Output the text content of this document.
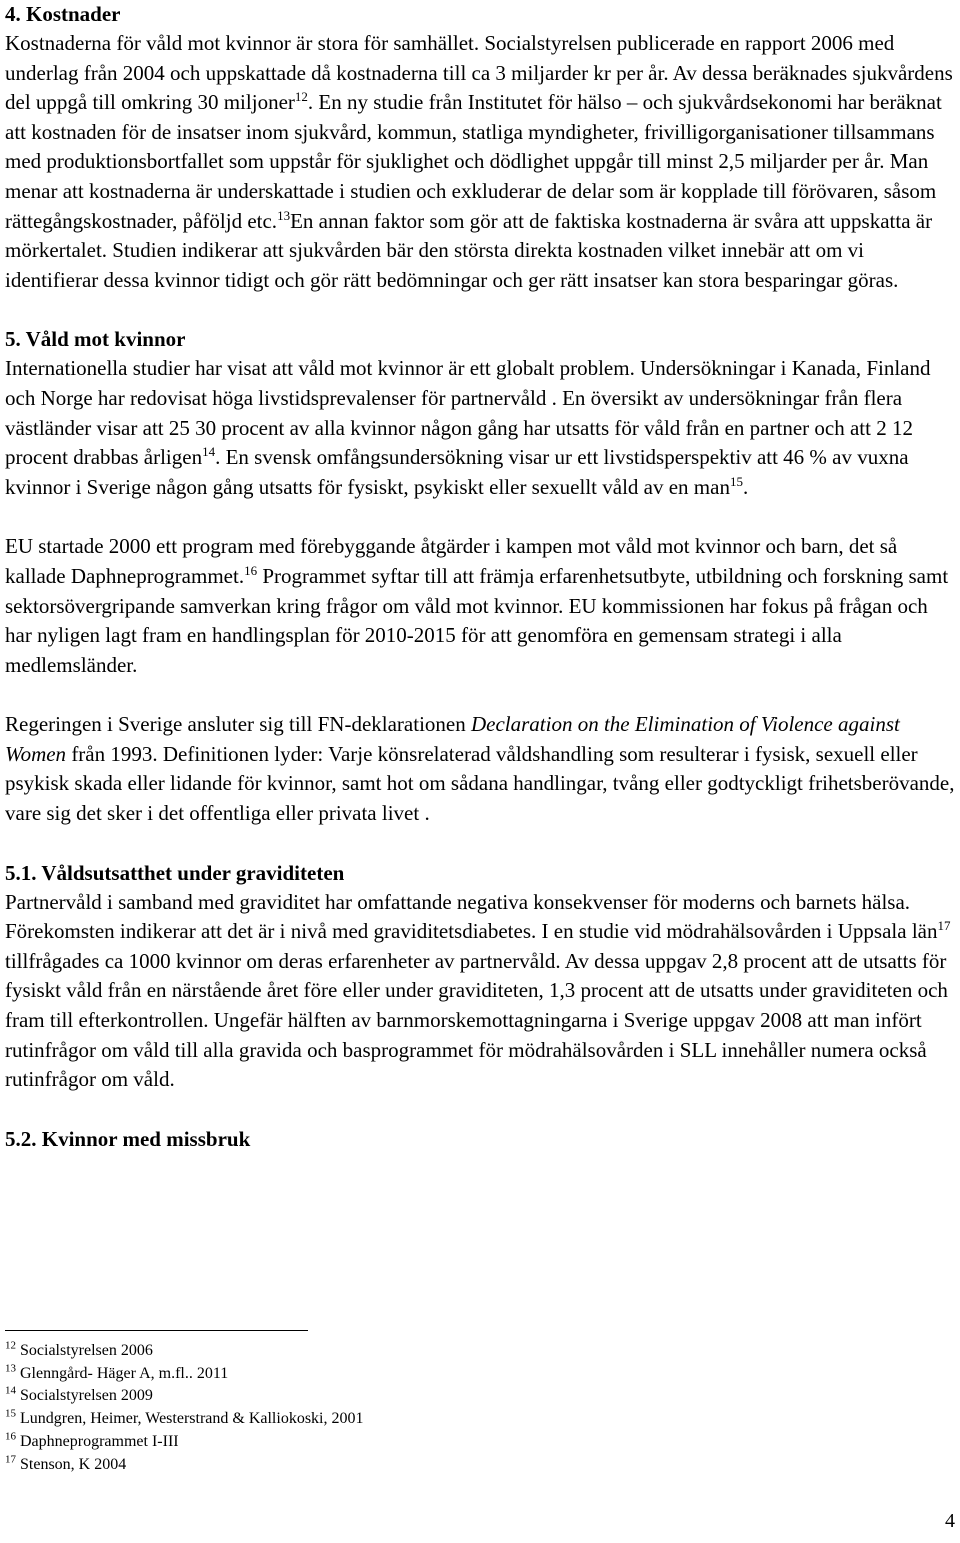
4. Kostnader

Kostnaderna för våld mot kvinnor är stora för samhället. Socialstyrelsen publicerade en rapport 2006 med underlag från 2004 och uppskattade då kostnaderna till ca 3 miljarder kr per år. Av dessa beräknades sjukvårdens del uppgå till omkring 30 miljoner$^{12}$. En ny studie från Institutet för hälso – och sjukvårdsekonomi har beräknat att kostnaden för de insatser inom sjukvård, kommun, statliga myndigheter, frivilligorganisationer tillsammans med produktionsbortfallet som uppstår för sjuklighet och dödlighet uppgår till minst 2,5 miljarder per år. Man menar att kostnaderna är underskattade i studien och exkluderar de delar som är kopplade till förövaren, såsom rättegångskostnader, påföljd etc.$^{13}$En annan faktor som gör att de faktiska kostnaderna är svåra att uppskatta är mörkertalet. Studien indikerar att sjukvården bär den största direkta kostnaden vilket innebär att om vi identifierar dessa kvinnor tidigt och gör rätt bedömningar och ger rätt insatser kan stora besparingar göras.

5. Våld mot kvinnor

Internationella studier har visat att våld mot kvinnor är ett globalt problem. Undersökningar i Kanada, Finland och Norge har redovisat höga livstidsprevalenser för partnervåld . En översikt av undersökningar från flera västländer visar att 25 30 procent av alla kvinnor någon gång har utsatts för våld från en partner och att 2 12 procent drabbas årligen$^{14}$. En svensk omfångsundersökning visar ur ett livstidsperspektiv att 46 % av vuxna kvinnor i Sverige någon gång utsatts för fysiskt, psykiskt eller sexuellt våld av en man$^{15}$.

EU startade 2000 ett program med förebyggande åtgärder i kampen mot våld mot kvinnor och barn, det så kallade Daphneprogrammet.$^{16}$ Programmet syftar till att främja erfarenhetsutbyte, utbildning och forskning samt sektorsövergripande samverkan kring frågor om våld mot kvinnor. EU kommissionen har fokus på frågan och har nyligen lagt fram en handlingsplan för 2010-2015 för att genomföra en gemensam strategi i alla medlemsländer.

Regeringen i Sverige ansluter sig till FN-deklarationen Declaration on the Elimination of Violence against Women från 1993. Definitionen lyder: Varje könsrelaterad våldshandling som resulterar i fysisk, sexuell eller psykisk skada eller lidande för kvinnor, samt hot om sådana handlingar, tvång eller godtyckligt frihetsberövande, vare sig det sker i det offentliga eller privata livet .

5.1. Våldsutsatthet under graviditeten

Partnervåld i samband med graviditet har omfattande negativa konsekvenser för moderns och barnets hälsa. Förekomsten indikerar att det är i nivå med graviditetsdiabetes. I en studie vid mödrahälsovården i Uppsala län$^{17}$ tillfrågades ca 1000 kvinnor om deras erfarenheter av partnervåld. Av dessa uppgav 2,8 procent att de utsatts för fysiskt våld från en närstående året före eller under graviditeten, 1,3 procent att de utsatts under graviditeten och fram till efterkontrollen. Ungefär hälften av barnmorskemottagningarna i Sverige uppgav 2008 att man infört rutinfrågor om våld till alla gravida och basprogrammet för mödrahälsovården i SLL innehåller numera också rutinfrågor om våld.

5.2. Kvinnor med missbruk

$^{12}$ Socialstyrelsen 2006

$^{13}$ Glenngård- Häger A, m.fl.. 2011

$^{14}$ Socialstyrelsen 2009

$^{15}$ Lundgren, Heimer, Westerstrand & Kalliokoski, 2001

$^{16}$ Daphneprogrammet I-III

$^{17}$ Stenson, K 2004

4
